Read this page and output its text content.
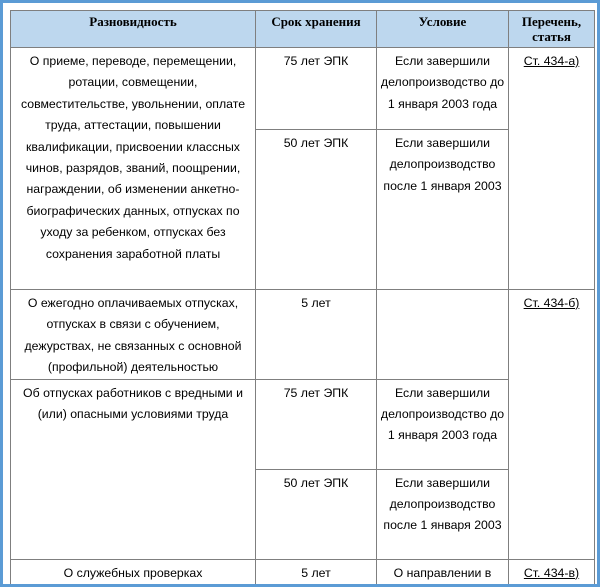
Разновидность	Срок хранения	Условие	Перечень, статья
О приеме, переводе, перемещении, ротации, совмещении, совместительстве, увольнении, оплате труда, аттестации, повышении квалификации, присвоении классных чинов, разрядов, званий, поощрении, награждении, об изменении анкетно-биографических данных, отпусках по уходу за ребенком, отпусках без сохранения заработной платы	75 лет ЭПК	Если завершили делопроизводство до 1 января 2003 года	Ст. 434-а)
	50 лет ЭПК	Если завершили делопроизводство после 1 января 2003	
О ежегодно оплачиваемых отпусках, отпусках в связи с обучением, дежурствах, не связанных с основной (профильной) деятельностью	5 лет		Ст. 434-б)
Об отпусках работников с вредными и (или) опасными условиями труда	75 лет ЭПК	Если завершили делопроизводство до 1 января 2003 года	
	50 лет ЭПК	Если завершили делопроизводство после 1 января 2003	
О служебных проверках	5 лет	О направлении в	Ст. 434-в)
